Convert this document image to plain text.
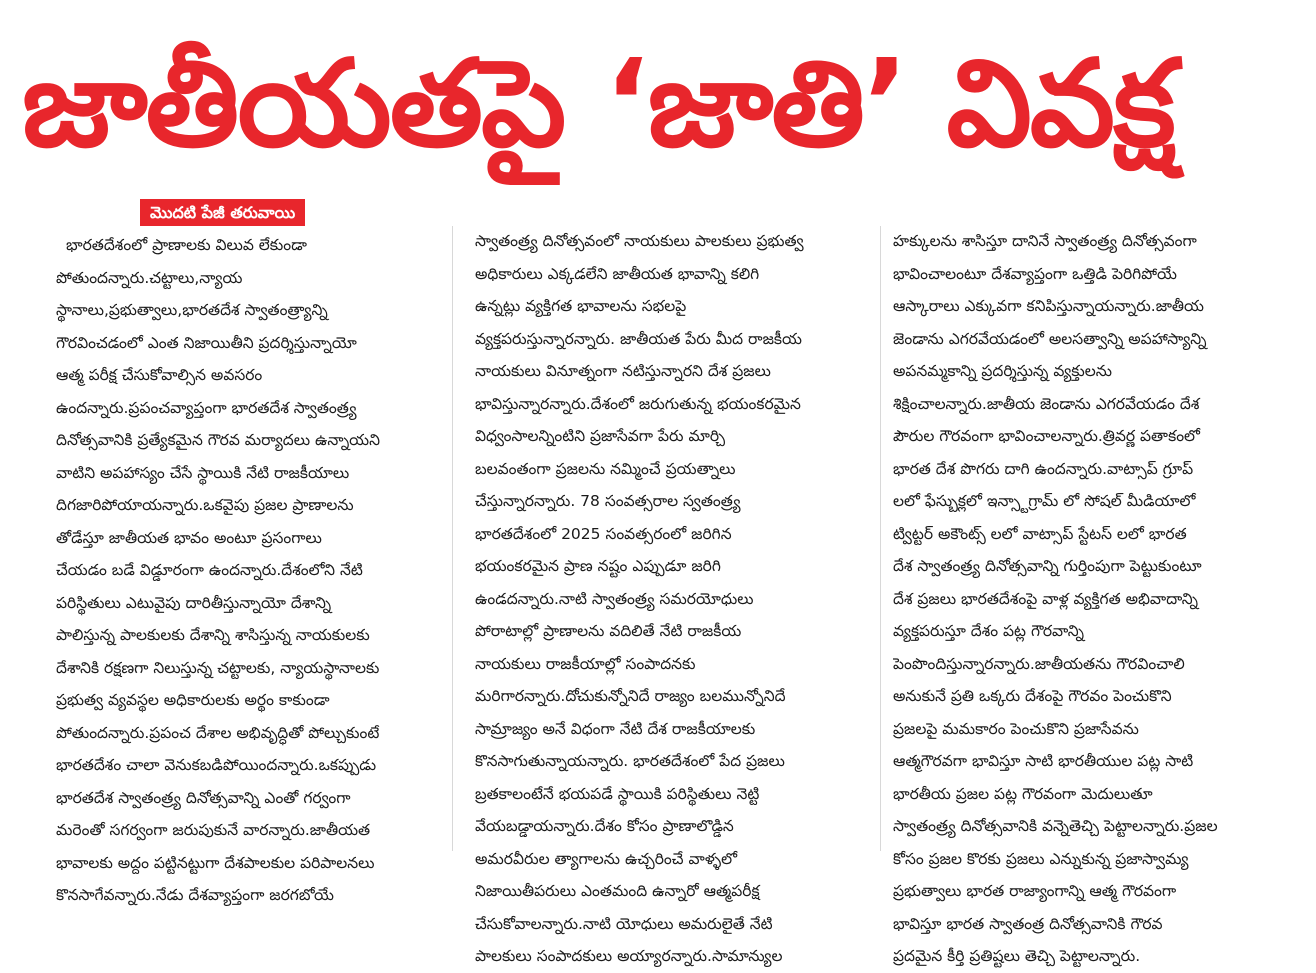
జాతీయతపై ‘జాతి’ వివక్ష
మొదటి పేజీ తరువాయి
భారతదేశంలో ప్రాణాలకు విలువ లేకుండా
పోతుందన్నారు.చట్టాలు,న్యాయ
స్థానాలు,ప్రభుత్వాలు,భారతదేశ స్వాతంత్ర్యాన్ని
గౌరవించడంలో ఎంత నిజాయితీని ప్రదర్శిస్తున్నాయో
ఆత్మ పరీక్ష చేసుకోవాల్సిన అవసరం
ఉందన్నారు.ప్రపంచవ్యాప్తంగా భారతదేశ స్వాతంత్ర్య
దినోత్సవానికి ప్రత్యేకమైన గౌరవ మర్యాదలు ఉన్నాయని
వాటిని అపహాస్యం చేసే స్థాయికి నేటి రాజకీయాలు
దిగజారిపోయాయన్నారు.ఒకవైపు ప్రజల ప్రాణాలను
తోడేస్తూ జాతీయత భావం అంటూ ప్రసంగాలు
చేయడం బడే విడ్డూరంగా ఉందన్నారు.దేశంలోని నేటి
పరిస్థితులు ఎటువైపు దారితీస్తున్నాయో దేశాన్ని
పాలిస్తున్న పాలకులకు దేశాన్ని శాసిస్తున్న నాయకులకు
దేశానికి రక్షణగా నిలుస్తున్న చట్టాలకు, న్యాయస్థానాలకు
ప్రభుత్వ వ్యవస్థల అధికారులకు అర్థం కాకుండా
పోతుందన్నారు.ప్రపంచ దేశాల అభివృద్ధితో పోల్చుకుంటే
భారతదేశం చాలా వెనుకబడిపోయిందన్నారు.ఒకప్పుడు
భారతదేశ స్వాతంత్ర్య దినోత్సవాన్ని ఎంతో గర్వంగా
మరెంతో సగర్వంగా జరుపుకునే వారన్నారు.జాతీయత
భావాలకు అద్దం పట్టినట్టుగా దేశపాలకుల పరిపాలనలు
కొనసాగేవన్నారు.నేడు దేశవ్యాప్తంగా జరగబోయే
స్వాతంత్ర్య దినోత్సవంలో నాయకులు పాలకులు ప్రభుత్వ
అధికారులు ఎక్కడలేని జాతీయత భావాన్ని కలిగి
ఉన్నట్లు వ్యక్తిగత భావాలను సభలపై
వ్యక్తపరుస్తున్నారన్నారు. జాతీయత పేరు మీద రాజకీయ
నాయకులు వినూత్నంగా నటిస్తున్నారని దేశ ప్రజలు
భావిస్తున్నారన్నారు.దేశంలో జరుగుతున్న భయంకరమైన
విధ్వంసాలన్నింటిని ప్రజాసేవగా పేరు మార్చి
బలవంతంగా ప్రజలను నమ్మించే ప్రయత్నాలు
చేస్తున్నారన్నారు. 78 సంవత్సరాల స్వతంత్ర్య
భారతదేశంలో 2025 సంవత్సరంలో జరిగిన
భయంకరమైన ప్రాణ నష్టం ఎప్పుడూ జరిగి
ఉండదన్నారు.నాటి స్వాతంత్ర్య సమరయోధులు
పోరాటాల్లో ప్రాణాలను వదిలితే నేటి రాజకీయ
నాయకులు రాజకీయాల్లో సంపాదనకు
మరిగారన్నారు.దోచుకున్నోనిదే రాజ్యం బలమున్నోనిదే
సామ్రాజ్యం అనే విధంగా నేటి దేశ రాజకీయాలకు
కొనసాగుతున్నాయన్నారు. భారతదేశంలో పేద ప్రజలు
బ్రతకాలంటేనే భయపడే స్థాయికి పరిస్థితులు నెట్టి
వేయబడ్డాయన్నారు.దేశం కోసం ప్రాణాలొడ్డిన
అమరవీరుల త్యాగాలను ఉచ్చరించే వాళ్ళలో
నిజాయితీపరులు ఎంతమంది ఉన్నారో ఆత్మపరీక్ష
చేసుకోవాలన్నారు.నాటి యోధులు అమరులైతే నేటి
పాలకులు సంపాదకులు అయ్యారన్నారు.సామాన్యుల
హక్కులను శాసిస్తూ దానినే స్వాతంత్ర్య దినోత్సవంగా
భావించాలంటూ దేశవ్యాప్తంగా ఒత్తిడి పెరిగిపోయే
ఆస్కారాలు ఎక్కువగా కనిపిస్తున్నాయన్నారు.జాతీయ
జెండాను ఎగరవేయడంలో అలసత్వాన్ని అపహాస్యాన్ని
అపనమ్మకాన్ని ప్రదర్శిస్తున్న వ్యక్తులను
శిక్షించాలన్నారు.జాతీయ జెండాను ఎగరవేయడం దేశ
పౌరుల గౌరవంగా భావించాలన్నారు.త్రివర్ణ పతాకంలో
భారత దేశ పొగరు దాగి ఉందన్నారు.వాట్సాప్ గ్రూప్
లలో ఫేస్బుక్లలో ఇన్స్టాగ్రామ్ లో సోషల్ మీడియాలో
ట్విట్టర్ అకౌంట్స్ లలో వాట్సాప్ స్టేటస్ లలో భారత
దేశ స్వాతంత్ర్య దినోత్సవాన్ని గుర్తింపుగా పెట్టుకుంటూ
దేశ ప్రజలు భారతదేశంపై వాళ్ల వ్యక్తిగత అభివాదాన్ని
వ్యక్తపరుస్తూ దేశం పట్ల గౌరవాన్ని
పెంపొందిస్తున్నారన్నారు.జాతీయతను గౌరవించాలి
అనుకునే ప్రతి ఒక్కరు దేశంపై గౌరవం పెంచుకొని
ప్రజలపై మమకారం పెంచుకొని ప్రజాసేవను
ఆత్మగౌరవగా భావిస్తూ సాటి భారతీయుల పట్ల సాటి
భారతీయ ప్రజల పట్ల గౌరవంగా మెదులుతూ
స్వాతంత్ర్య దినోత్సవానికి వన్నెతెచ్చి పెట్టాలన్నారు.ప్రజల
కోసం ప్రజల కొరకు ప్రజలు ఎన్నుకున్న ప్రజాస్వామ్య
ప్రభుత్వాలు భారత రాజ్యాంగాన్ని ఆత్మ గౌరవంగా
భావిస్తూ భారత స్వాతంత్ర దినోత్సవానికి గౌరవ
ప్రదమైన కీర్తి ప్రతిష్టలు తెచ్చి పెట్టాలన్నారు.
